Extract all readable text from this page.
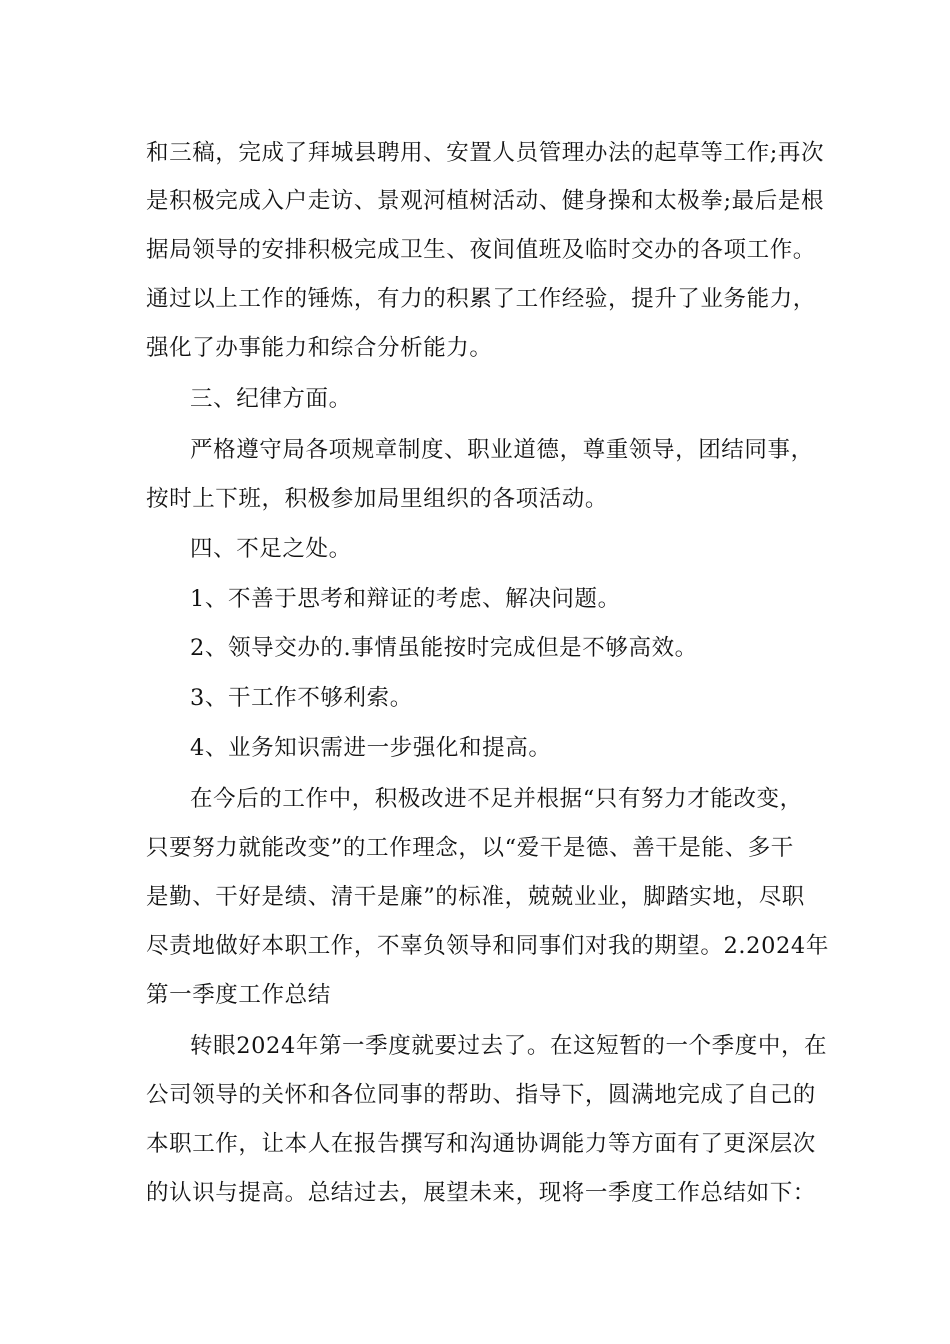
和三稿，完成了拜城县聘用、安置人员管理办法的起草等工作;再次
是积极完成入户走访、景观河植树活动、健身操和太极拳;最后是根
据局领导的安排积极完成卫生、夜间值班及临时交办的各项工作。
通过以上工作的锤炼，有力的积累了工作经验，提升了业务能力，
强化了办事能力和综合分析能力。
三、纪律方面。
严格遵守局各项规章制度、职业道德，尊重领导，团结同事，
按时上下班，积极参加局里组织的各项活动。
四、不足之处。
1、不善于思考和辩证的考虑、解决问题。
2、领导交办的.事情虽能按时完成但是不够高效。
3、干工作不够利索。
4、业务知识需进一步强化和提高。
在今后的工作中，积极改进不足并根据“只有努力才能改变，
只要努力就能改变”的工作理念，以“爱干是德、善干是能、多干
是勤、干好是绩、清干是廉”的标准，兢兢业业，脚踏实地，尽职
尽责地做好本职工作，不辜负领导和同事们对我的期望。2.2024年
第一季度工作总结
转眼2024年第一季度就要过去了。在这短暂的一个季度中，在
公司领导的关怀和各位同事的帮助、指导下，圆满地完成了自己的
本职工作，让本人在报告撰写和沟通协调能力等方面有了更深层次
的认识与提高。总结过去，展望未来，现将一季度工作总结如下：
